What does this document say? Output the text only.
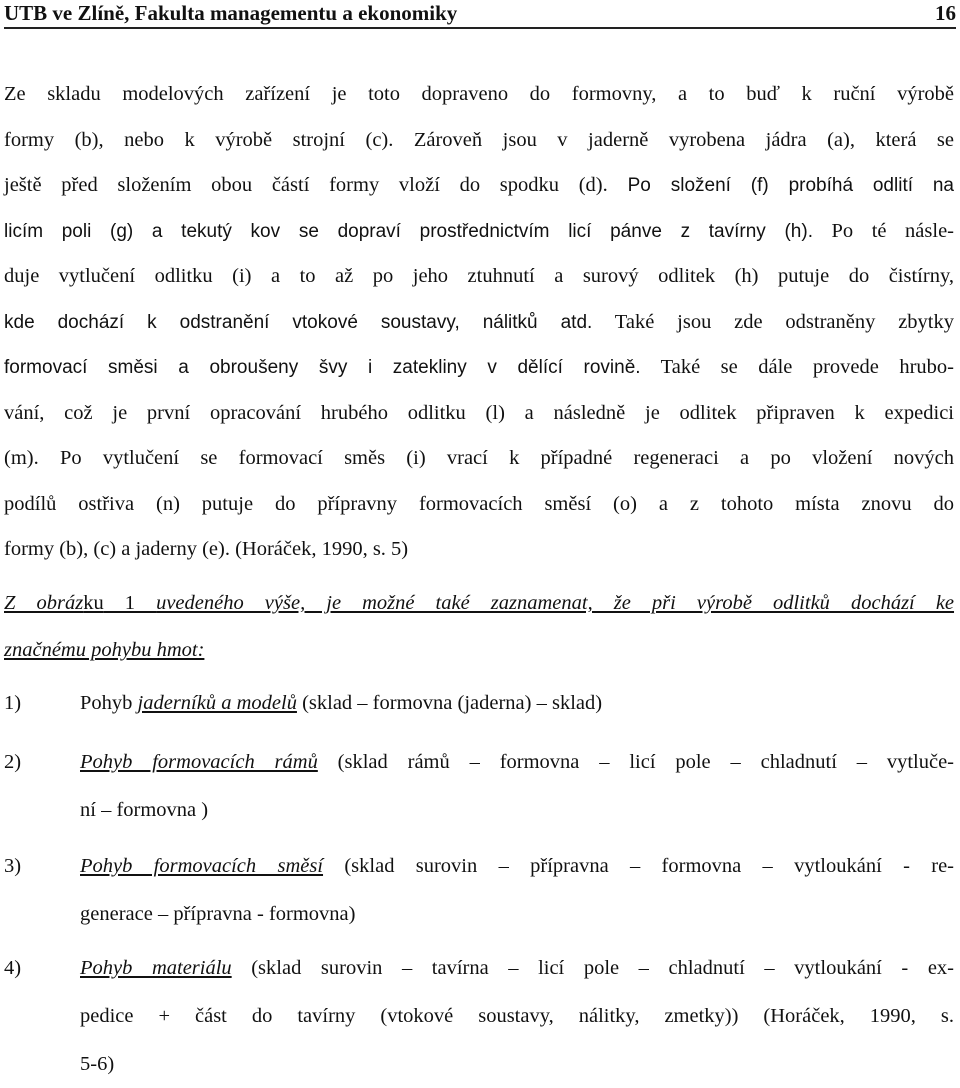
UTB ve Zlíně, Fakulta managementu a ekonomiky	16
Ze skladu modelových zařízení je toto dopraveno do formovny, a to buď k ruční výrobě
formy (b), nebo k výrobě strojní (c). Zároveň jsou v jaderně vyrobena jádra (a), která se
ještě před složením obou částí formy vloží do spodku (d). Po složení (f) probíhá odlití na
licím poli (g) a tekutý kov se dopraví prostřednictvím licí pánve z tavírny (h). Po té násle-
duje vytlučení odlitku (i) a to až po jeho ztuhnutí a surový odlitek (h) putuje do čistírny,
kde dochází k odstranění vtokové soustavy, nálitků atd. Také jsou zde odstraněny zbytky
formovací směsi a obroušeny švy i zatekliny v dělící rovině. Také se dále provede hrubo-
vání, což je první opracování hrubého odlitku (l) a následně je odlitek připraven k expedici
(m). Po vytlučení se formovací směs (i) vrací k případné regeneraci a po vložení nových
podílů ostřiva (n) putuje do přípravny formovacích směsí (o) a z tohoto místa znovu do
formy (b), (c) a jaderny (e). (Horáček, 1990, s. 5)
Z obrázku 1 uvedeného výše, je možné také zaznamenat, že při výrobě odlitků dochází ke
značnému pohybu hmot:
1)	Pohyb jaderníků a modelů (sklad – formovna (jaderna) – sklad)
2)	Pohyb formovacích rámů (sklad rámů – formovna – licí pole – chladnutí – vytluče-
ní – formovna )
3)	Pohyb formovacích směsí (sklad surovin – přípravna – formovna – vytloukání - re-
generace – přípravna - formovna)
4)	Pohyb materiálu (sklad surovin – tavírna – licí pole – chladnutí – vytloukání - ex-
pedice + část do tavírny (vtokové soustavy, nálitky, zmetky)) (Horáček, 1990, s.
5-6)
